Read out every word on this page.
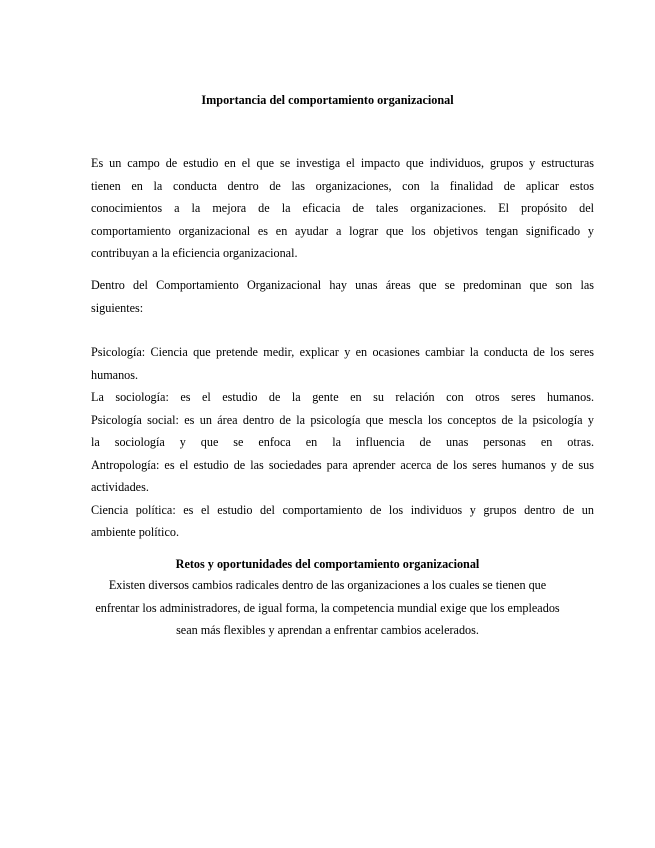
Importancia del comportamiento organizacional
Es un campo de estudio en el que se investiga el impacto que individuos, grupos y estructuras
tienen en la conducta dentro de las organizaciones, con la finalidad de aplicar estos
conocimientos a la mejora de la eficacia de tales organizaciones. El propósito del
comportamiento organizacional es en ayudar a lograr que los objetivos tengan significado y
contribuyan a la eficiencia organizacional.
Dentro del Comportamiento Organizacional hay unas áreas que se predominan que son las
siguientes:
Psicología: Ciencia que pretende medir, explicar y en ocasiones cambiar la conducta de los seres
humanos.
La sociología: es el estudio de la gente en su relación con otros seres humanos.
Psicología social: es un área dentro de la psicología que mescla los conceptos de la psicología y
la sociología y que se enfoca en la influencia de unas personas en otras.
Antropología: es el estudio de las sociedades para aprender acerca de los seres humanos y de sus
actividades.
Ciencia política: es el estudio del comportamiento de los individuos y grupos dentro de un
ambiente político.
Retos y oportunidades del comportamiento organizacional
Existen diversos cambios radicales dentro de las organizaciones a los cuales se tienen que
enfrentar los administradores, de igual forma, la competencia mundial exige que los empleados
sean más flexibles y aprendan a enfrentar cambios acelerados.
